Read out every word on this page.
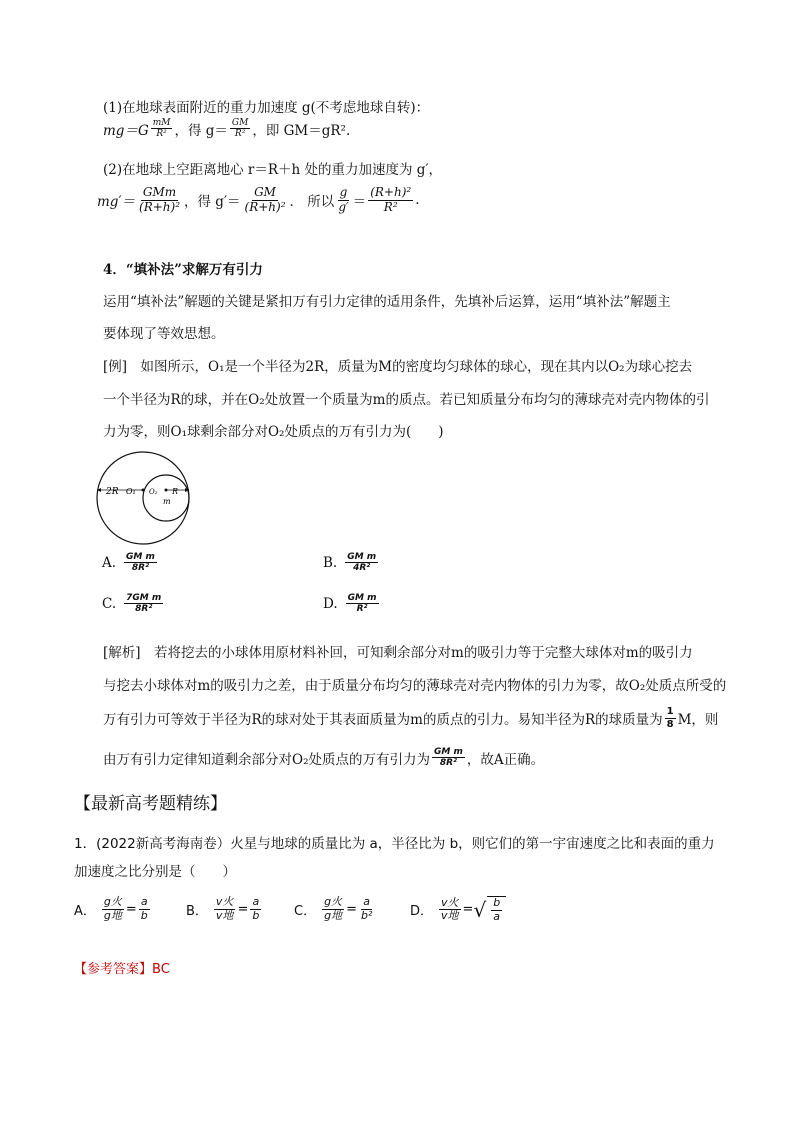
(1)在地球表面附近的重力加速度 g(不考虑地球自转)：
$mg=G \frac{mM}{\text{R²}}$ ，得 $g= \frac{GM}{\text{R²}}$ ，即 GM＝gR².
(2)在地球上空距离地心 r＝R＋h 处的重力加速度为 g′，
$mg'= \frac{\text{GMm}}{\text{(R+h)²}}$ ，得 $g'= \frac{GM}{\text{(R+h)²}}$ ． 所以 $\frac{g}{g'} = \frac{\text{(R+h)²}}{\text{R²}}$ .
4．“填补法”求解万有引力
运用“填补法”解题的关键是紧扣万有引力定律的适用条件，先填补后运算，运用“填补法”解题主
要体现了等效思想。
[例]　如图所示，O₁是一个半径为2R，质量为M的密度均匀球体的球心，现在其内以O₂为球心挖去
一个半径为R的球，并在O₂处放置一个质量为m的质点。若已知质量分布均匀的薄球壳对壳内物体的引
力为零，则O₁球剩余部分对O₂处质点的万有引力为(　　)
2R O₁ O₂ R
m
A. $\frac{\text{GM m}}{\text{8R²}}$	B. $\frac{\text{GM m}}{\text{4R²}}$
C. $\frac{\text{7GM m}}{\text{8R²}}$	D. $\frac{\text{GM m}}{\text{R²}}$
[解析]　若将挖去的小球体用原材料补回，可知剩余部分对m的吸引力等于完整大球体对m的吸引力
与挖去小球体对m的吸引力之差，由于质量分布均匀的薄球壳对壳内物体的引力为零，故O₂处质点所受的
万有引力可等效于半径为R的球对处于其表面质量为m的质点的引力。易知半径为R的球质量为 $\frac{1}{8}$ M，则
由万有引力定律知道剩余部分对O₂处质点的万有引力为 $\frac{\text{GM m}}{\text{8R²}}$ ，故A正确。
【最新高考题精练】
1．(2022新高考海南卷）火星与地球的质量比为 a，半径比为 b，则它们的第一宇宙速度之比和表面的重力
加速度之比分别是（　　）
A． $\frac{\text{g火}}{\text{g地}} = \frac{a}{b}$	B． $\frac{\text{v火}}{\text{v地}} = \frac{a}{b}$	C． $\frac{\text{g火}}{\text{g地}} = \frac{a}{\text{b²}}$	D． $\frac{\text{v火}}{\text{v地}}$ = √ $\frac{b}{a}$
【参考答案】BC
